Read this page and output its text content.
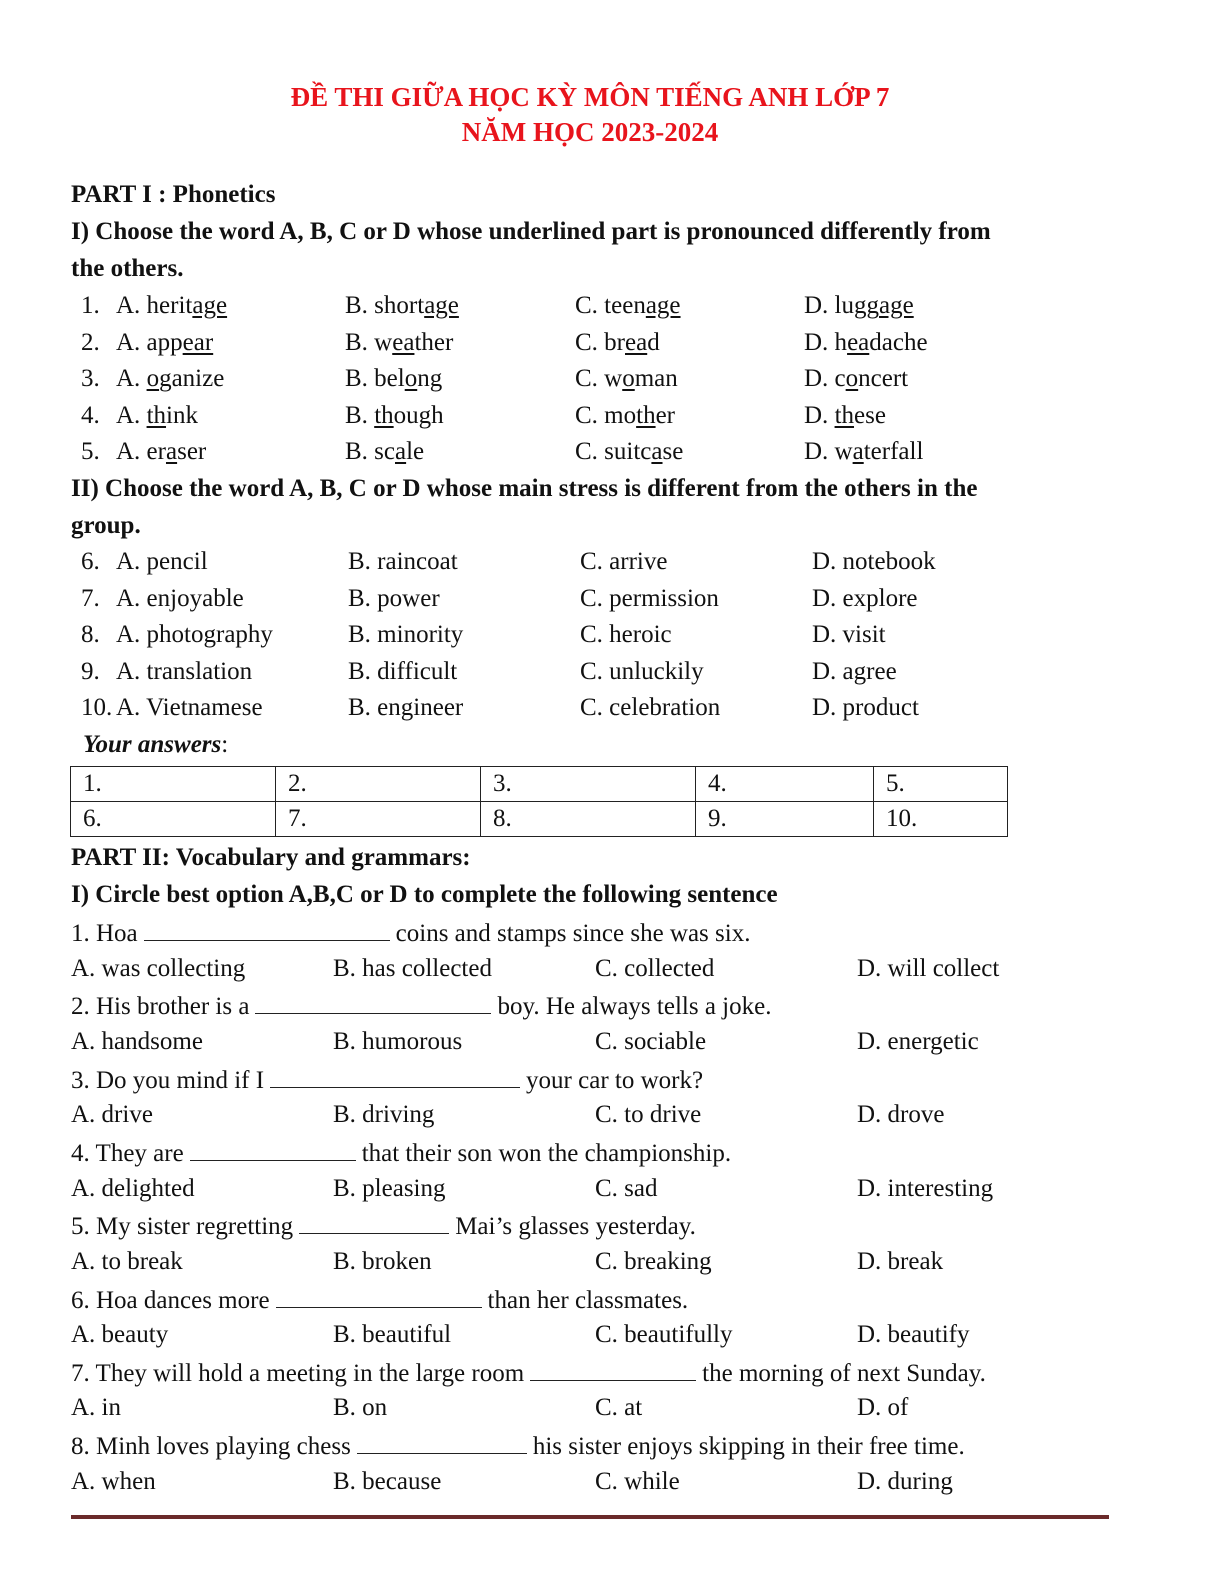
ĐỀ THI GIỮA HỌC KỲ MÔN TIẾNG ANH LỚP 7
NĂM HỌC 2023-2024
PART I : Phonetics
I) Choose the word A, B, C or D whose underlined part is pronounced differently from
the others.
1. A. heritage	B. shortage	C. teenage	D. luggage
2. A. appear	B. weather	C. bread	D. headache
3. A. oganize	B. belong	C. woman	D. concert
4. A. think	B. though	C. mother	D. these
5. A. eraser	B. scale	C. suitcase	D. waterfall
II) Choose the word A, B, C or D whose main stress is different from the others in the
group.
6. A. pencil	B. raincoat	C. arrive	D. notebook
7. A. enjoyable	B. power	C. permission	D. explore
8. A. photography	B. minority	C. heroic	D. visit
9. A. translation	B. difficult	C. unluckily	D. agree
10. A. Vietnamese	B. engineer	C. celebration	D. product
Your answers:
1.	2.	3.	4.	5.
6.	7.	8.	9.	10.
PART II: Vocabulary and grammars:
I) Circle best option A,B,C or D to complete the following sentence
1. Hoa	coins and stamps since she was six.
A. was collecting	B. has collected	C. collected	D. will collect
2. His brother is a	boy. He always tells a joke.
A. handsome	B. humorous	C. sociable	D. energetic
3. Do you mind if I	your car to work?
A. drive	B. driving	C. to drive	D. drove
4. They are	that their son won the championship.
A. delighted	B. pleasing	C. sad	D. interesting
5. My sister regretting	Mai’s glasses yesterday.
A. to break	B. broken	C. breaking	D. break
6. Hoa dances more	than her classmates.
A. beauty	B. beautiful	C. beautifully	D. beautify
7. They will hold a meeting in the large room	the morning of next Sunday.
A. in	B. on	C. at	D. of
8. Minh loves playing chess	his sister enjoys skipping in their free time.
A. when	B. because	C. while	D. during
